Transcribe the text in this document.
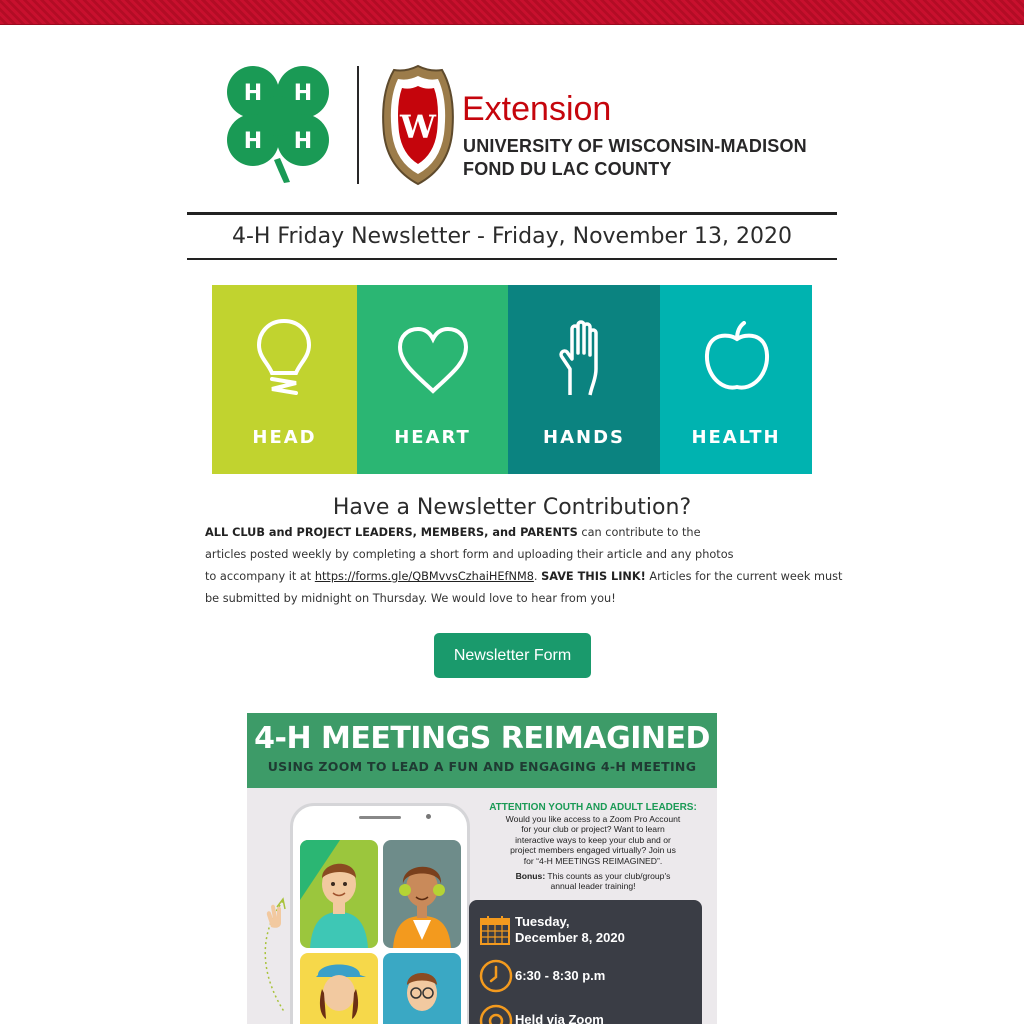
H H
H H	W Extension
UNIVERSITY OF WISCONSIN-MADISON
FOND DU LAC COUNTY
4-H Friday Newsletter - Friday, November 13, 2020
HEAD	HEART	HANDS	HEALTH
Have a Newsletter Contribution?
ALL CLUB and PROJECT LEADERS, MEMBERS, and PARENTS can contribute to the
articles posted weekly by completing a short form and uploading their article and any photos
to accompany it at https://forms.gle/QBMvvsCzhaiHEfNM8. SAVE THIS LINK! Articles for the current week must
be submitted by midnight on Thursday. We would love to hear from you!
Newsletter Form
4-H MEETINGS REIMAGINED
USING ZOOM TO LEAD A FUN AND ENGAGING 4-H MEETING
ATTENTION YOUTH AND ADULT LEADERS:
Would you like access to a Zoom Pro Account
for your club or project? Want to learn
interactive ways to keep your club and or
project members engaged virtually? Join us
for “4-H MEETINGS REIMAGINED”.
Bonus: This counts as your club/group's
annual leader training!
Tuesday,
December 8, 2020
6:30 - 8:30 p.m
Held via Zoom
